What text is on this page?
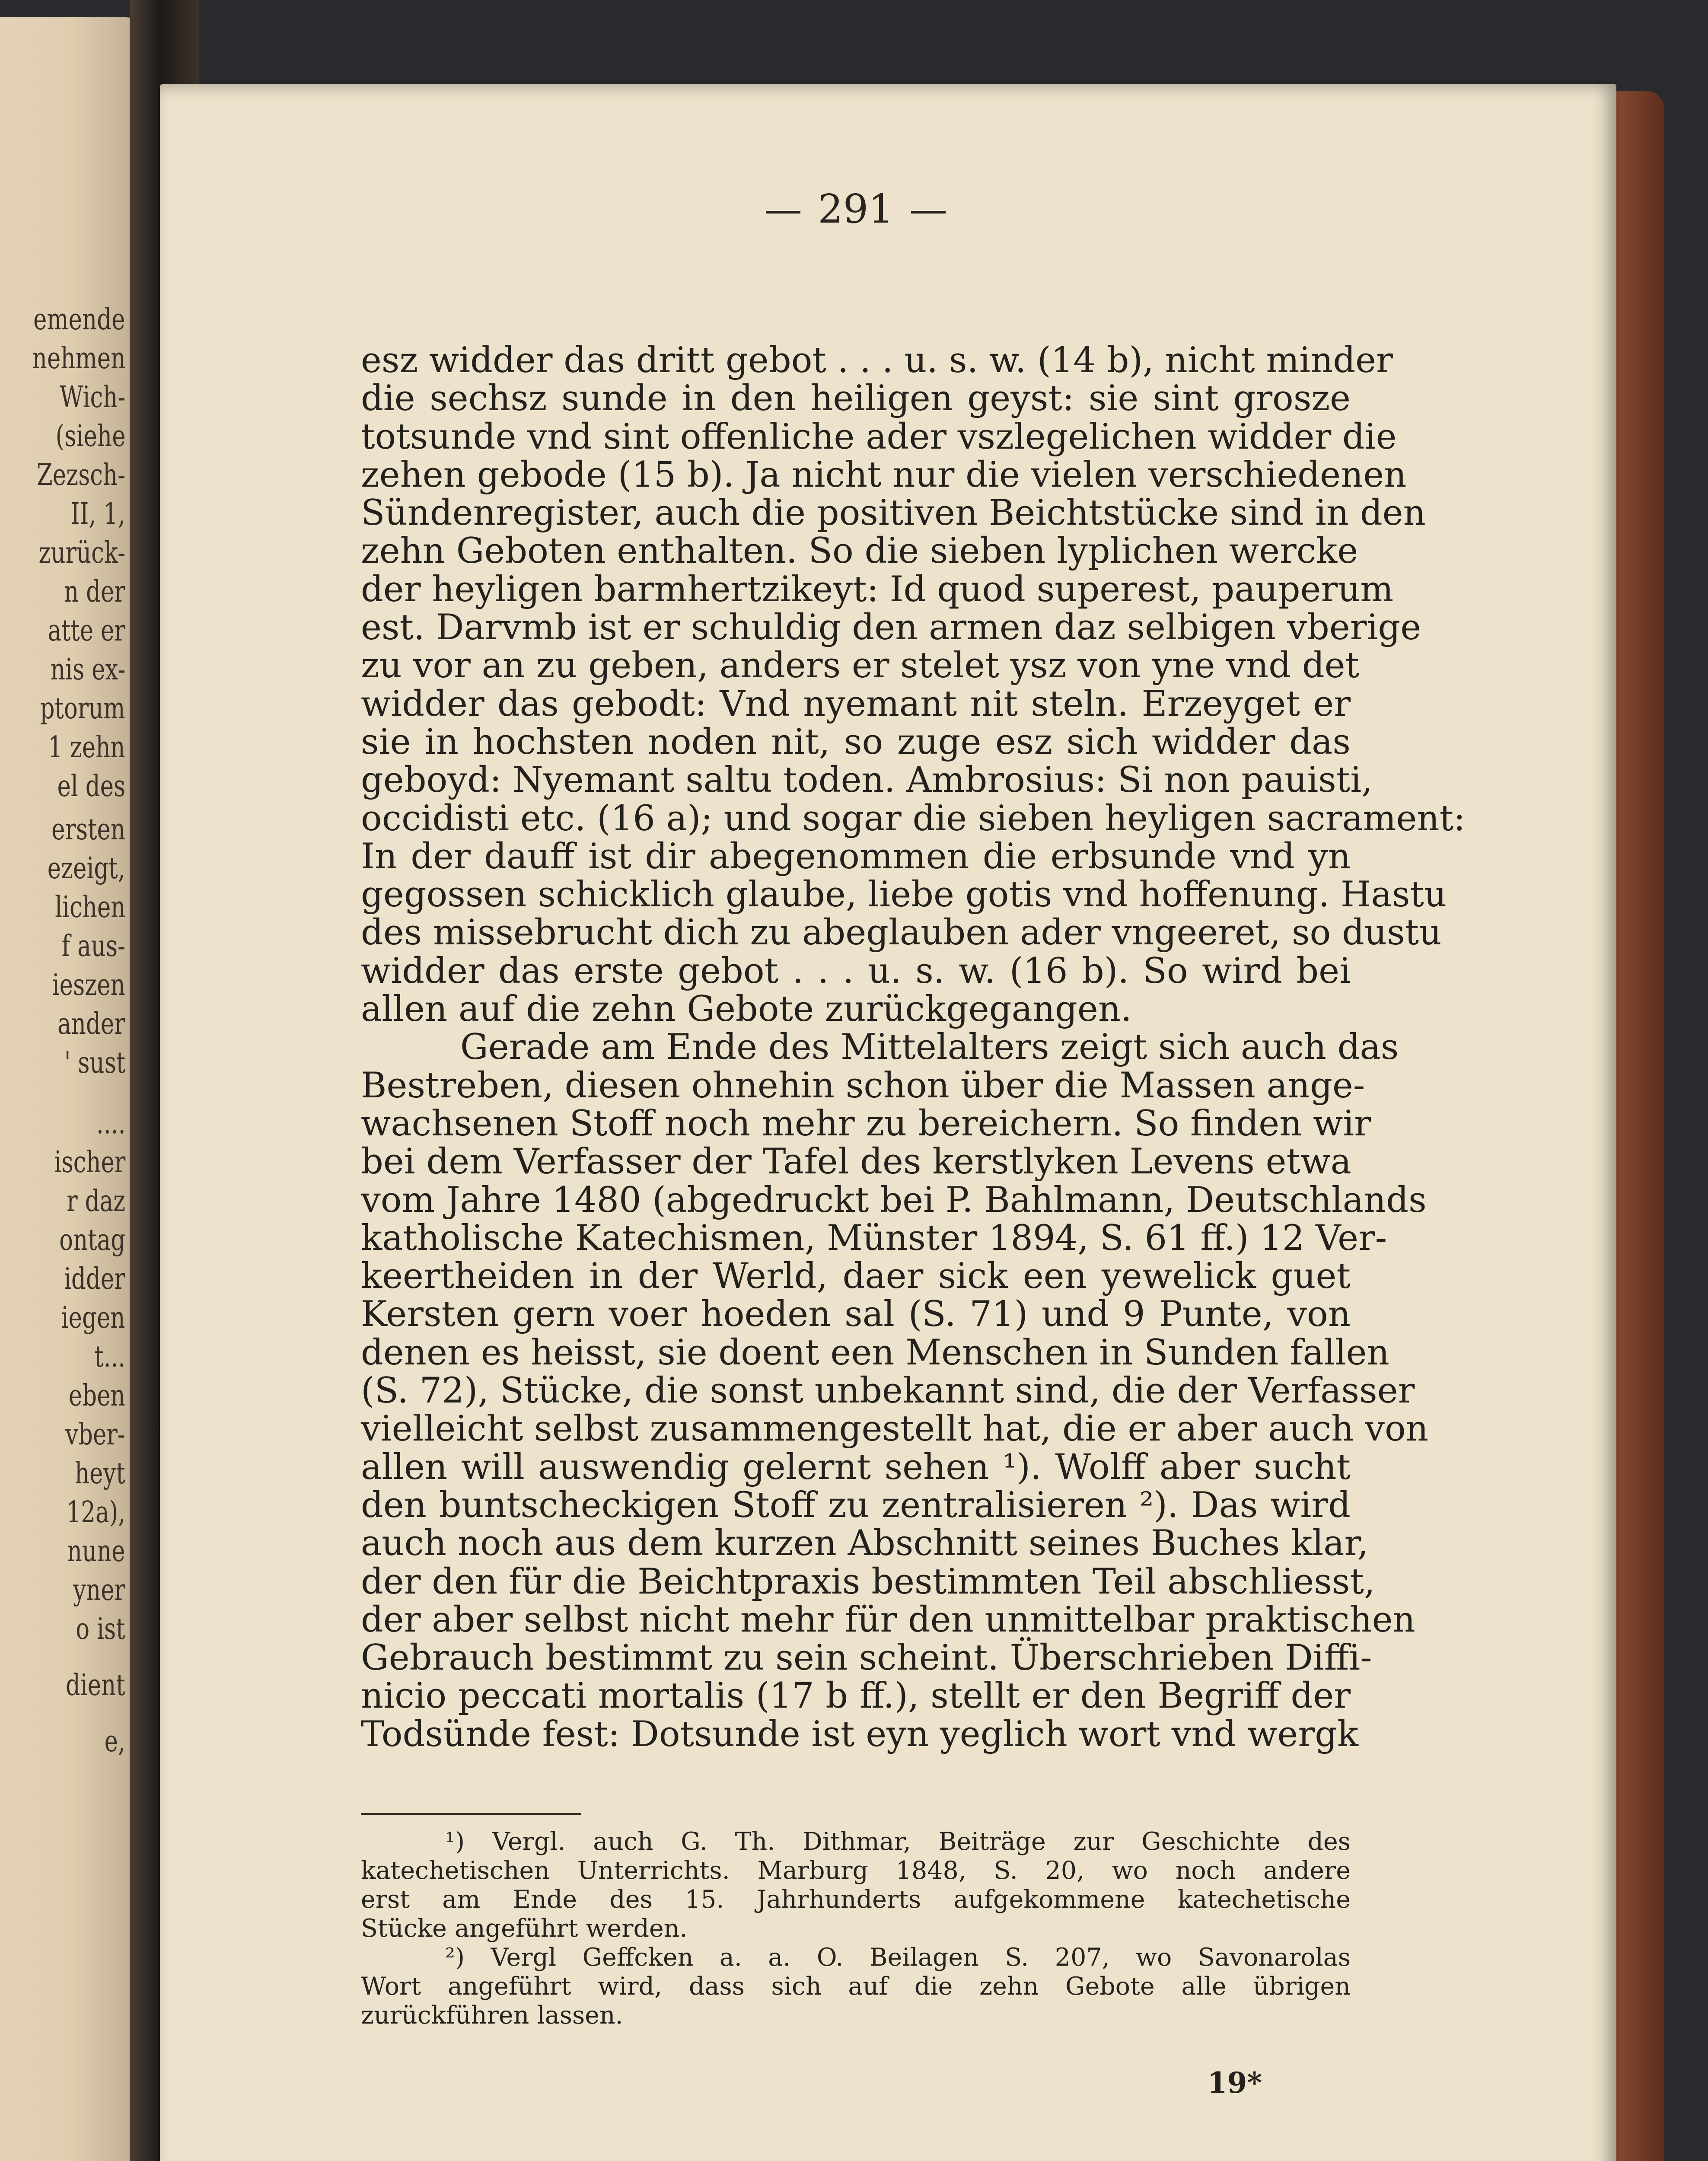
emende
nehmen
Wich-
(siehe
Zezsch-
II, 1,
zurück-
n der
atte er
nis ex-
ptorum
1 zehn
el des
ersten
ezeigt,
lichen
f aus-
ieszen
ander
' sust
....
ischer
r daz
ontag
idder
iegen
t...
eben
vber-
heyt
12a),
nune
yner
o ist
dient
e,
291
esz widder das dritt gebot . . . u. s. w. (14 b), nicht minder
die sechsz sunde in den heiligen geyst: sie sint grosze
totsunde vnd sint offenliche ader vszlegelichen widder die
zehen gebode (15 b). Ja nicht nur die vielen verschiedenen
Sündenregister, auch die positiven Beichtstücke sind in den
zehn Geboten enthalten. So die sieben lyplichen wercke
der heyligen barmhertzikeyt: Id quod superest, pauperum
est. Darvmb ist er schuldig den armen daz selbigen vberige
zu vor an zu geben, anders er stelet ysz von yne vnd det
widder das gebodt: Vnd nyemant nit steln. Erzeyget er
sie in hochsten noden nit, so zuge esz sich widder das
geboyd: Nyemant saltu toden. Ambrosius: Si non pauisti,
occidisti etc. (16 a); und sogar die sieben heyligen sacrament:
In der dauff ist dir abegenommen die erbsunde vnd yn
gegossen schicklich glaube, liebe gotis vnd hoffenung. Hastu
des missebrucht dich zu abeglauben ader vngeeret, so dustu
widder das erste gebot . . . u. s. w. (16 b). So wird bei
allen auf die zehn Gebote zurückgegangen.
Gerade am Ende des Mittelalters zeigt sich auch das
Bestreben, diesen ohnehin schon über die Massen ange-
wachsenen Stoff noch mehr zu bereichern. So finden wir
bei dem Verfasser der Tafel des kerstlyken Levens etwa
vom Jahre 1480 (abgedruckt bei P. Bahlmann, Deutschlands
katholische Katechismen, Münster 1894, S. 61 ff.) 12 Ver-
keertheiden in der Werld, daer sick een yewelick guet
Kersten gern voer hoeden sal (S. 71) und 9 Punte, von
denen es heisst, sie doent een Menschen in Sunden fallen
(S. 72), Stücke, die sonst unbekannt sind, die der Verfasser
vielleicht selbst zusammengestellt hat, die er aber auch von
allen will auswendig gelernt sehen ¹). Wolff aber sucht
den buntscheckigen Stoff zu zentralisieren ²). Das wird
auch noch aus dem kurzen Abschnitt seines Buches klar,
der den für die Beichtpraxis bestimmten Teil abschliesst,
der aber selbst nicht mehr für den unmittelbar praktischen
Gebrauch bestimmt zu sein scheint. Überschrieben Diffi-
nicio peccati mortalis (17 b ff.), stellt er den Begriff der
Todsünde fest: Dotsunde ist eyn yeglich wort vnd wergk
¹) Vergl. auch G. Th. Dithmar, Beiträge zur Geschichte des
katechetischen Unterrichts. Marburg 1848, S. 20, wo noch andere
erst am Ende des 15. Jahrhunderts aufgekommene katechetische
Stücke angeführt werden.
²) Vergl Geffcken a. a. O. Beilagen S. 207, wo Savonarolas
Wort angeführt wird, dass sich auf die zehn Gebote alle übrigen
zurückführen lassen.
19*
